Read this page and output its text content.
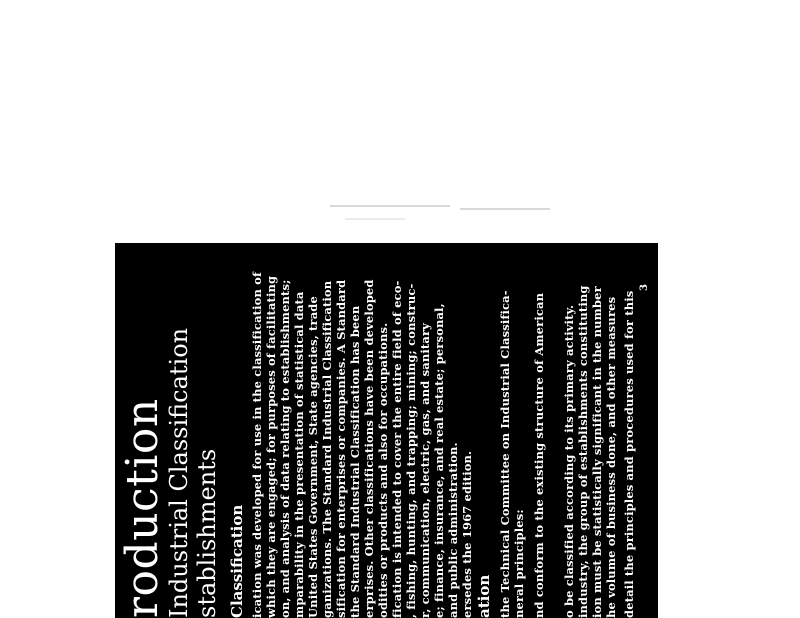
roduction
Industrial Classification stablishments Classification ication was developed for use in the classification of which they are engaged; for purposes of facilitating on, and analysis of data relating to establishments; mparability in the presentation of statistical data United States Government, State agencies, trade ganizations. The Standard Industrial Classification sification for enterprises or companies. A Standard the Standard Industrial Classification has been erprises. Other classifications have been developed odities or products and also for occupations. fication is intended to cover the entire field of eco- , fishing, hunting, and trapping; mining; construc- r, communication, electric, gas, and sanitary e; finance, insurance, and real estate; personal, and public administration. ersedes the 1967 edition. ation the Technical Committee on Industrial Classifica- neral principles: nd conform to the existing structure of American o be classified according to its primary activity. industry, the group of establishments constituting ion must be statistically significant in the number he volume of business done, and other measures detail the principles and procedures used for this
3
